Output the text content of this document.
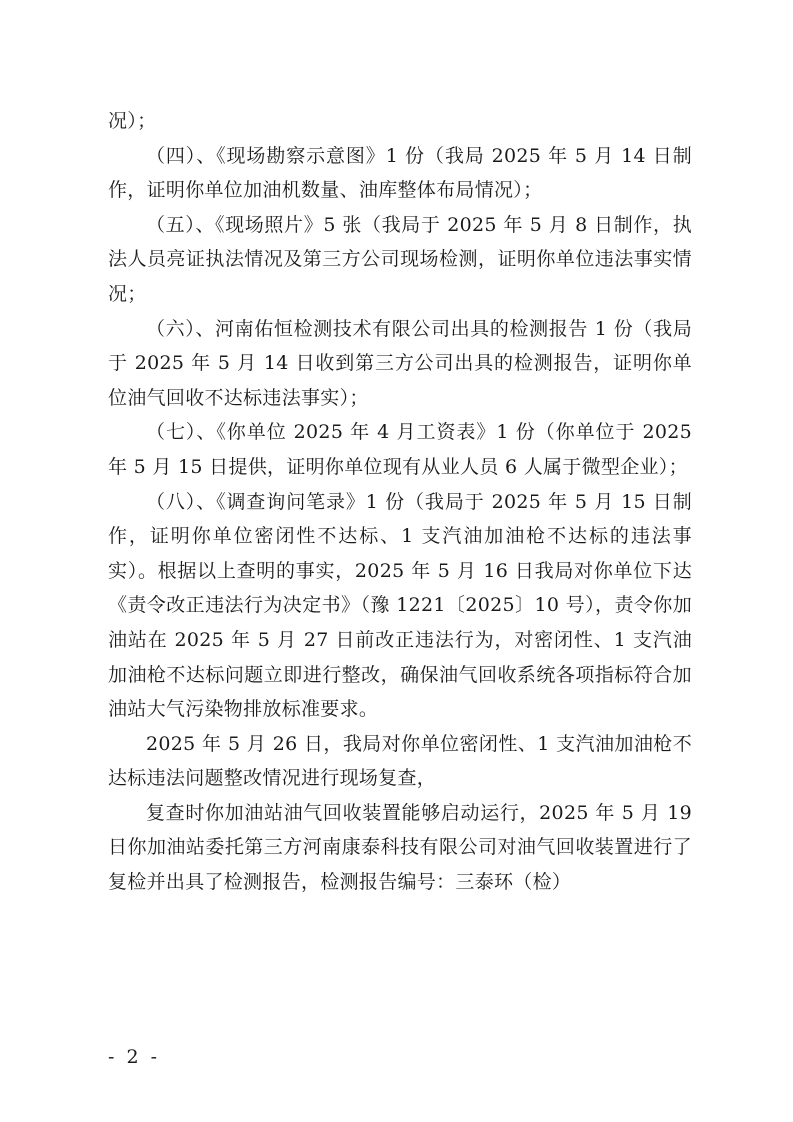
况）；

（四）、《现场勘察示意图》1 份（我局 2025 年 5 月 14 日制作，证明你单位加油机数量、油库整体布局情况）；

（五）、《现场照片》5 张（我局于 2025 年 5 月 8 日制作，执法人员亮证执法情况及第三方公司现场检测，证明你单位违法事实情况；

（六）、河南佑恒检测技术有限公司出具的检测报告 1 份（我局于 2025 年 5 月 14 日收到第三方公司出具的检测报告，证明你单位油气回收不达标违法事实）；

（七）、《你单位 2025 年 4 月工资表》1 份（你单位于 2025 年 5 月 15 日提供，证明你单位现有从业人员 6 人属于微型企业）；

（八）、《调查询问笔录》1 份（我局于 2025 年 5 月 15 日制作，证明你单位密闭性不达标、1 支汽油加油枪不达标的违法事实）。根据以上查明的事实，2025 年 5 月 16 日我局对你单位下达《责令改正违法行为决定书》（豫 1221〔2025〕10 号），责令你加油站在 2025 年 5 月 27 日前改正违法行为，对密闭性、1 支汽油加油枪不达标问题立即进行整改，确保油气回收系统各项指标符合加油站大气污染物排放标准要求。

2025 年 5 月 26 日，我局对你单位密闭性、1 支汽油加油枪不达标违法问题整改情况进行现场复查，

复查时你加油站油气回收装置能够启动运行，2025 年 5 月 19 日你加油站委托第三方河南康泰科技有限公司对油气回收装置进行了复检并出具了检测报告，检测报告编号：三泰环（检）

- 2 -
